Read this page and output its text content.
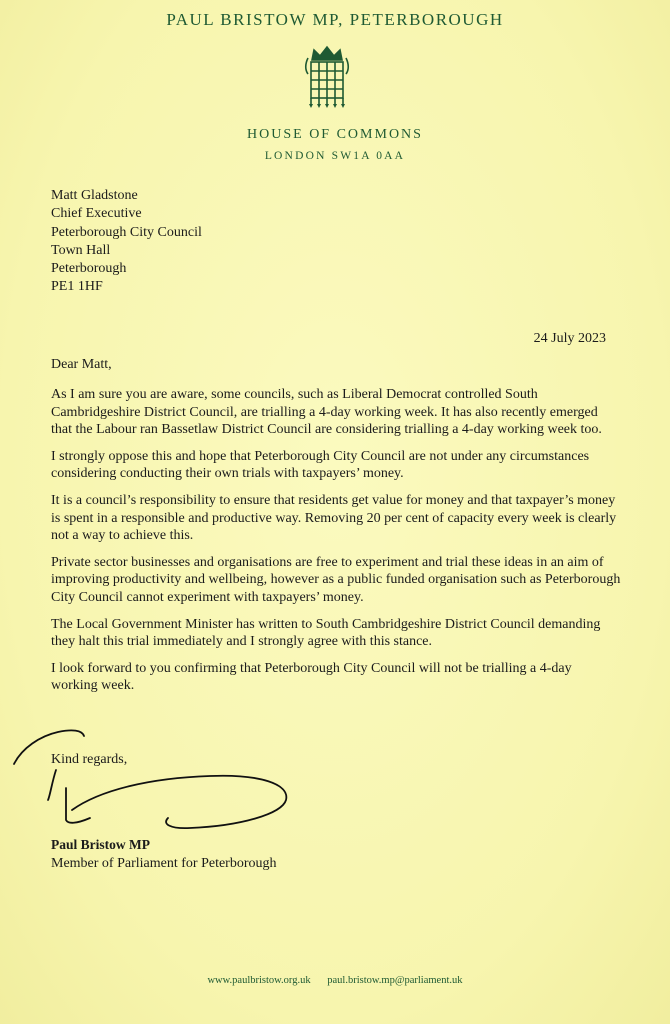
PAUL BRISTOW MP, PETERBOROUGH
HOUSE OF COMMONS
LONDON SW1A 0AA
Matt Gladstone
Chief Executive
Peterborough City Council
Town Hall
Peterborough
PE1 1HF
24 July 2023
Dear Matt,

As I am sure you are aware, some councils, such as Liberal Democrat controlled South Cambridgeshire District Council, are trialling a 4-day working week. It has also recently emerged that the Labour ran Bassetlaw District Council are considering trialling a 4-day working week too.

I strongly oppose this and hope that Peterborough City Council are not under any circumstances considering conducting their own trials with taxpayers’ money.

It is a council’s responsibility to ensure that residents get value for money and that taxpayer’s money is spent in a responsible and productive way. Removing 20 per cent of capacity every week is clearly not a way to achieve this.

Private sector businesses and organisations are free to experiment and trial these ideas in an aim of improving productivity and wellbeing, however as a public funded organisation such as Peterborough City Council cannot experiment with taxpayers’ money.

The Local Government Minister has written to South Cambridgeshire District Council demanding they halt this trial immediately and I strongly agree with this stance.

I look forward to you confirming that Peterborough City Council will not be trialling a 4-day working week.

Kind regards,
Paul Bristow MP
Member of Parliament for Peterborough
www.paulbristow.org.uk paul.bristow.mp@parliament.uk
